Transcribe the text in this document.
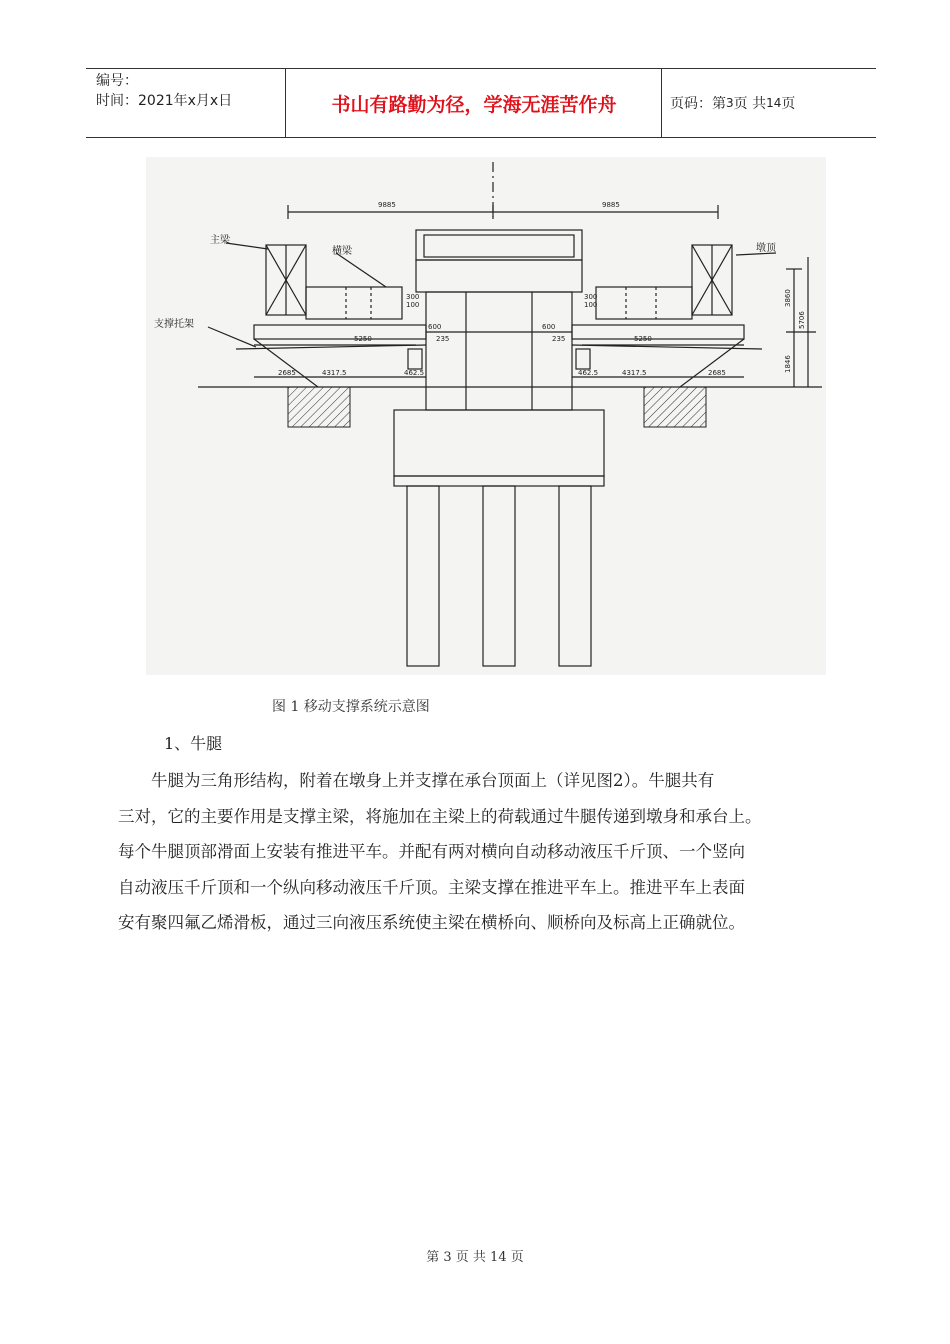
编号：
时间：2021年x月x日	书山有路勤为径，学海无涯苦作舟	页码：第 3 页 共 14 页
主梁
横梁	墩顶
支撑托架
9885	9885
5250	5250
235	235
2685	2685
4317.5	4317.5
462.5	462.5
300	300
100	100
600	600
3860
5706
1846
图 1 移动支撑系统示意图
1、牛腿
　　牛腿为三角形结构，附着在墩身上并支撑在承台顶面上（详见图2）。牛腿共有
三对，它的主要作用是支撑主梁，将施加在主梁上的荷载通过牛腿传递到墩身和承台上。
每个牛腿顶部滑面上安装有推进平车。并配有两对横向自动移动液压千斤顶、一个竖向
自动液压千斤顶和一个纵向移动液压千斤顶。主梁支撑在推进平车上。推进平车上表面
安有聚四氟乙烯滑板，通过三向液压系统使主梁在横桥向、顺桥向及标高上正确就位。
第 3 页 共 14 页
